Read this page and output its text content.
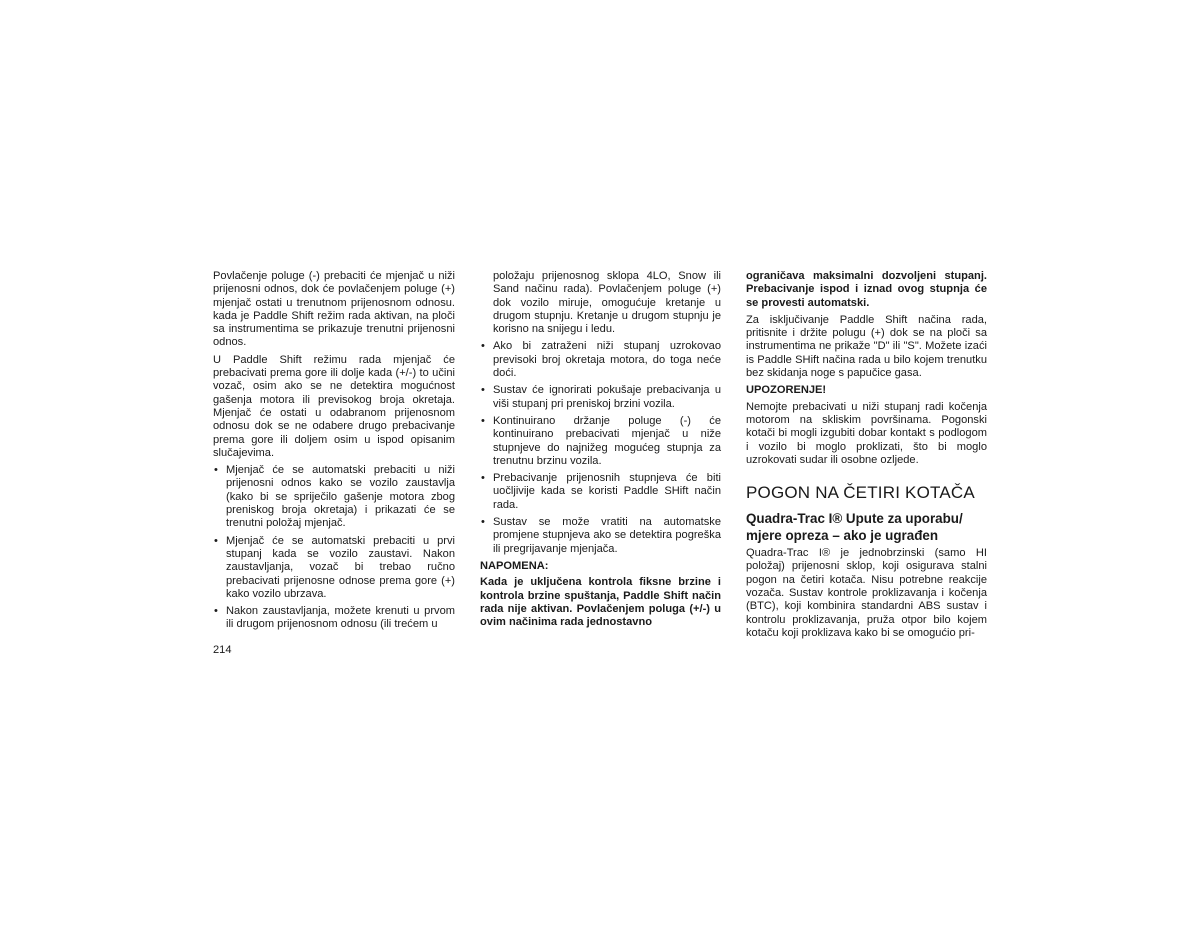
Povlačenje poluge (-) prebaciti će mjenjač u niži prijenosni odnos, dok će povlačenjem poluge (+) mjenjač ostati u trenutnom prijenosnom odnosu. kada je Paddle Shift režim rada aktivan, na ploči sa instrumentima se prikazuje trenutni prijenosni odnos.

U Paddle Shift režimu rada mjenjač će prebacivati prema gore ili dolje kada (+/-) to učini vozač, osim ako se ne detektira mogućnost gašenja motora ili previsokog broja okretaja. Mjenjač će ostati u odabranom prijenosnom odnosu dok se ne odabere drugo prebacivanje prema gore ili doljem osim u ispod opisanim slučajevima.

• Mjenjač će se automatski prebaciti u niži prijenosni odnos kako se vozilo zaustavlja (kako bi se spriječilo gašenje motora zbog preniskog broja okretaja) i prikazati će se trenutni položaj mjenjač.
• Mjenjač će se automatski prebaciti u prvi stupanj kada se vozilo zaustavi. Nakon zaustavljanja, vozač bi trebao ručno prebacivati prijenosne odnose prema gore (+) kako vozilo ubrzava.
• Nakon zaustavljanja, možete krenuti u prvom ili drugom prijenosnom odnosu (ili trećem u

položaju prijenosnog sklopa 4LO, Snow ili Sand načinu rada). Povlačenjem poluge (+) dok vozilo miruje, omogućuje kretanje u drugom stupnju. Kretanje u drugom stupnju je korisno na snijegu i ledu.

• Ako bi zatraženi niži stupanj uzrokovao previsoki broj okretaja motora, do toga neće doći.
• Sustav će ignorirati pokušaje prebacivanja u viši stupanj pri preniskoj brzini vozila.
• Kontinuirano držanje poluge (-) će kontinuirano prebacivati mjenjač u niže stupnjeve do najnižeg mogućeg stupnja za trenutnu brzinu vozila.
• Prebacivanje prijenosnih stupnjeva će biti uočljivije kada se koristi Paddle SHift način rada.
• Sustav se može vratiti na automatske promjene stupnjeva ako se detektira pogreška ili pregrijavanje mjenjača.
NAPOMENA:

Kada je uključena kontrola fiksne brzine i kontrola brzine spuštanja, Paddle Shift način rada nije aktivan. Povlačenjem poluga (+/-) u ovim načinima rada jednostavno

ograničava maksimalni dozvoljeni stupanj. Prebacivanje ispod i iznad ovog stupnja će se provesti automatski.

Za isključivanje Paddle Shift načina rada, pritisnite i držite polugu (+) dok se na ploči sa instrumentima ne prikaže "D" ili "S". Možete izaći is Paddle SHift načina rada u bilo kojem trenutku bez skidanja noge s papučice gasa.

UPOZORENJE!

Nemojte prebacivati u niži stupanj radi kočenja motorom na skliskim površinama. Pogonski kotači bi mogli izgubiti dobar kontakt s podlogom i vozilo bi moglo proklizati, što bi moglo uzrokovati sudar ili osobne ozljede.

POGON NA ČETIRI KOTAČA
Quadra-Trac I® Upute za uporabu/ mjere opreza – ako je ugrađen

Quadra-Trac I® je jednobrzinski (samo HI položaj) prijenosni sklop, koji osigurava stalni pogon na četiri kotača. Nisu potrebne reakcije vozača. Sustav kontrole proklizavanja i kočenja (BTC), koji kombinira standardni ABS sustav i kontrolu proklizavanja, pruža otpor bilo kojem kotaču koji proklizava kako bi se omogućio pri-

214
